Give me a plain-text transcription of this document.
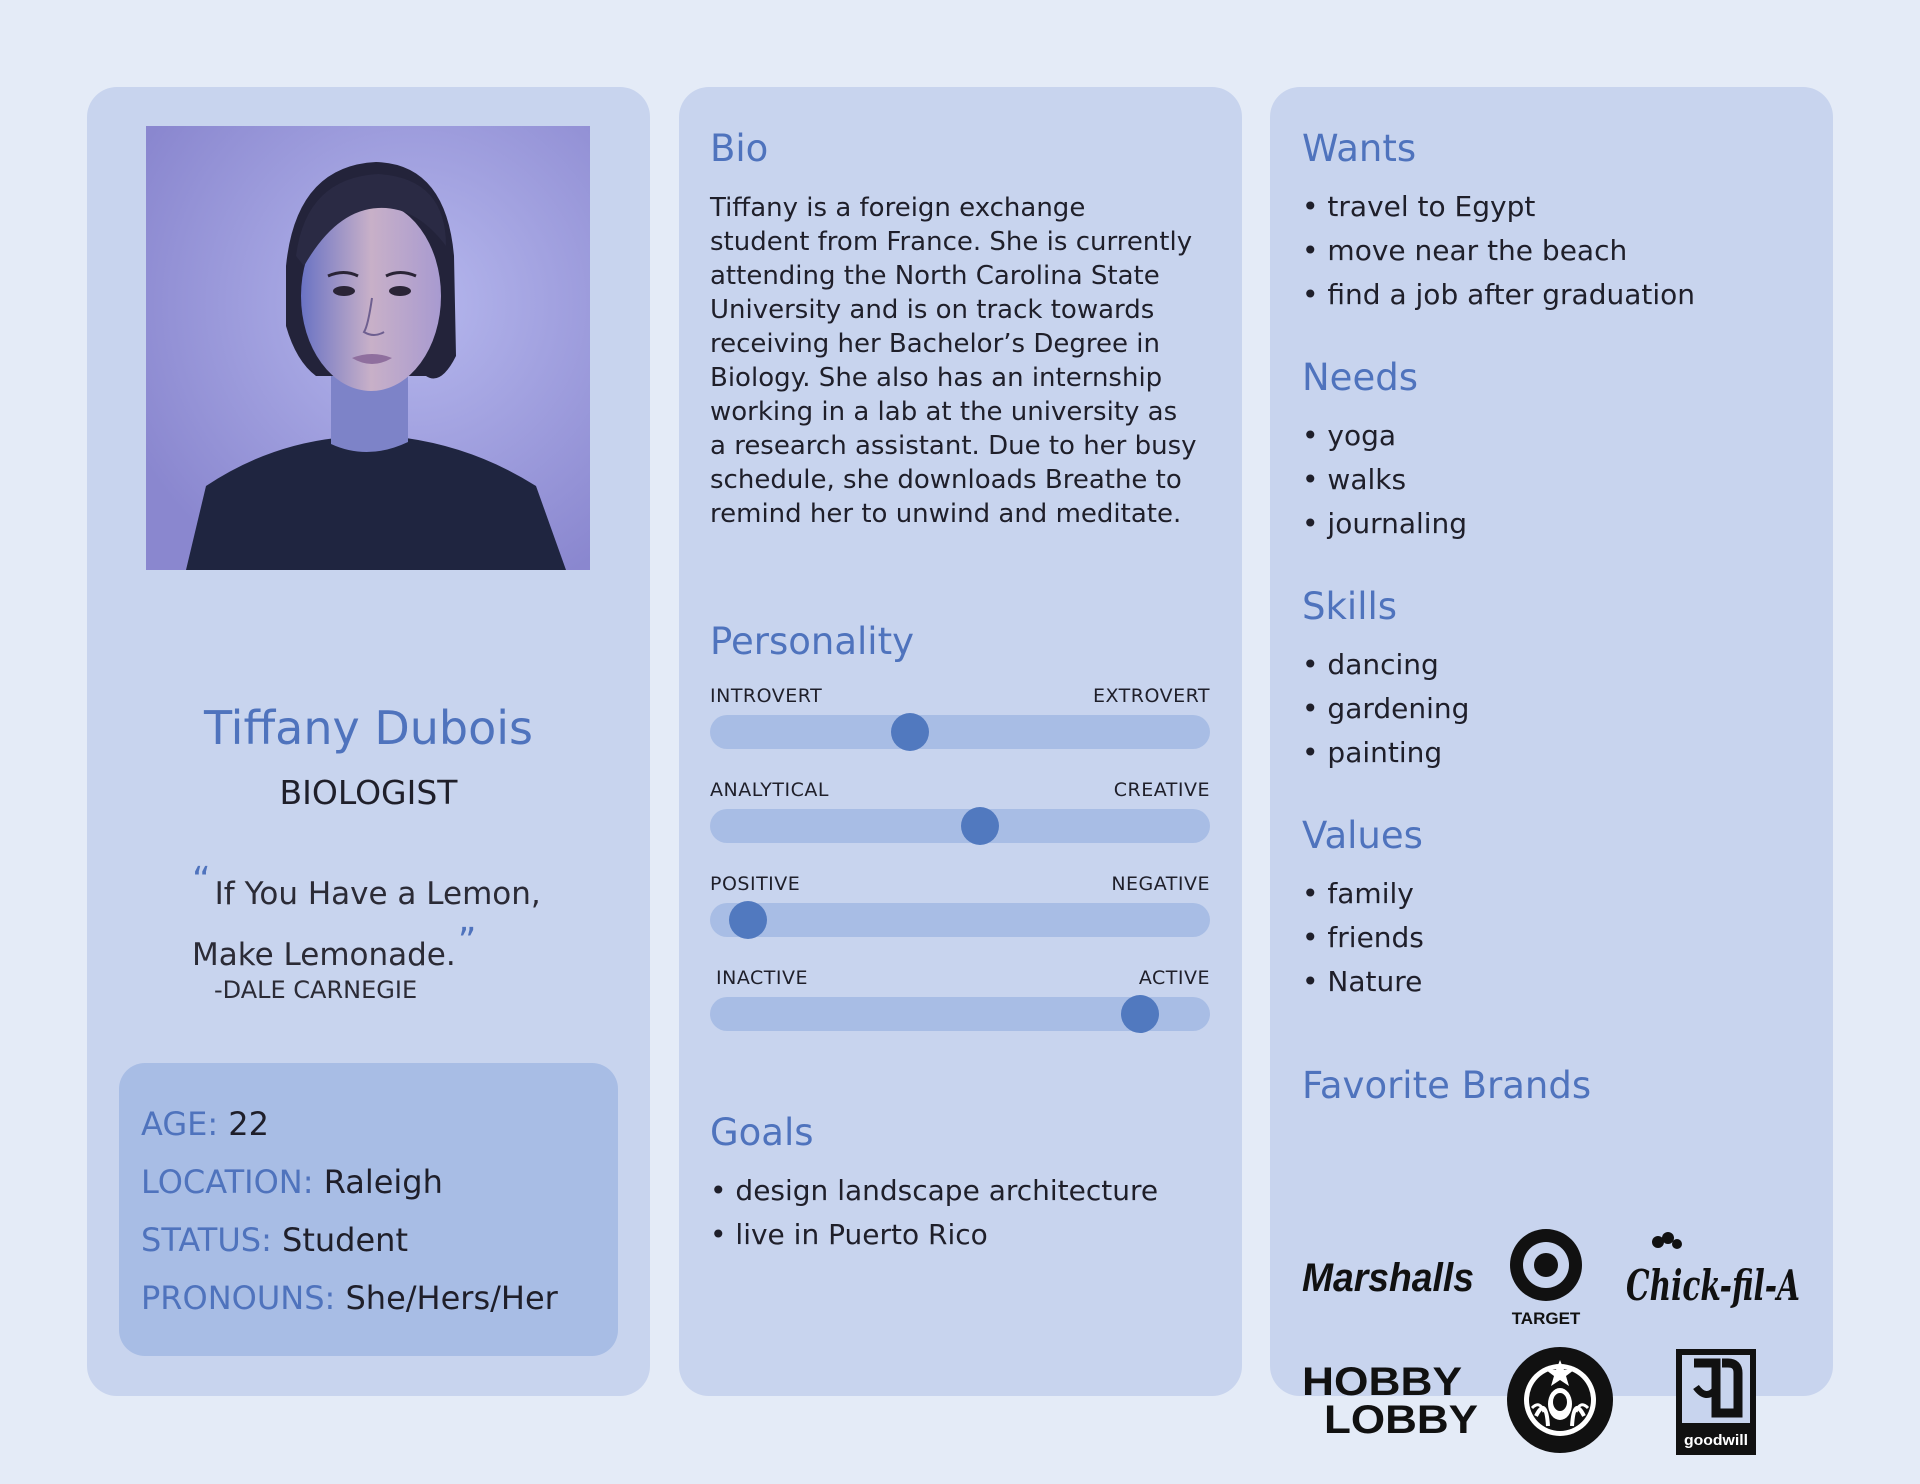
Tiffany Dubois
BIOLOGIST
“ If You Have a Lemon,
Make Lemonade.”
-DALE CARNEGIE
AGE: 22
LOCATION: Raleigh
STATUS: Student
PRONOUNS: She/Hers/Her
Bio
Tiffany is a foreign exchange
student from France. She is currently
attending the North Carolina State
University and is on track towards
receiving her Bachelor’s Degree in
Biology. She also has an internship
working in a lab at the university as
a research assistant. Due to her busy
schedule, she downloads Breathe to
remind her to unwind and meditate.
Personality
INTROVERT	EXTROVERT
ANALYTICAL	CREATIVE
POSITIVE	NEGATIVE
INACTIVE	ACTIVE
Goals
• design landscape architecture
• live in Puerto Rico
Wants
• travel to Egypt
• move near the beach
• find a job after graduation
Needs
• yoga
• walks
• journaling
Skills
• dancing
• gardening
• painting
Values
• family
• friends
• Nature
Favorite Brands
Marshalls
TARGET
Chick-fil-A
HOBBY
LOBBY	goodwill
